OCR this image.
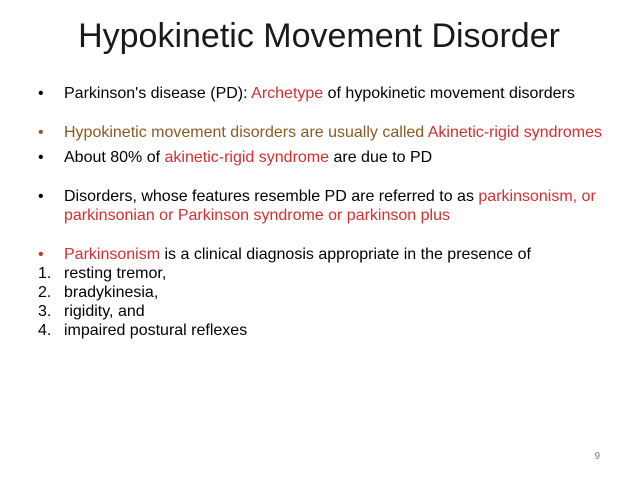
Hypokinetic Movement Disorder
•	Parkinson's disease (PD): Archetype of hypokinetic movement disorders
•	Hypokinetic movement disorders are usually called Akinetic-rigid syndromes
•	About 80% of akinetic-rigid syndrome are due to PD
•	Disorders, whose features resemble PD are referred to as parkinsonism, or parkinsonian or Parkinson syndrome or parkinson plus
•	Parkinsonism is a clinical diagnosis appropriate in the presence of
1. resting tremor,
2. bradykinesia,
3. rigidity, and
4. impaired postural reflexes
9
